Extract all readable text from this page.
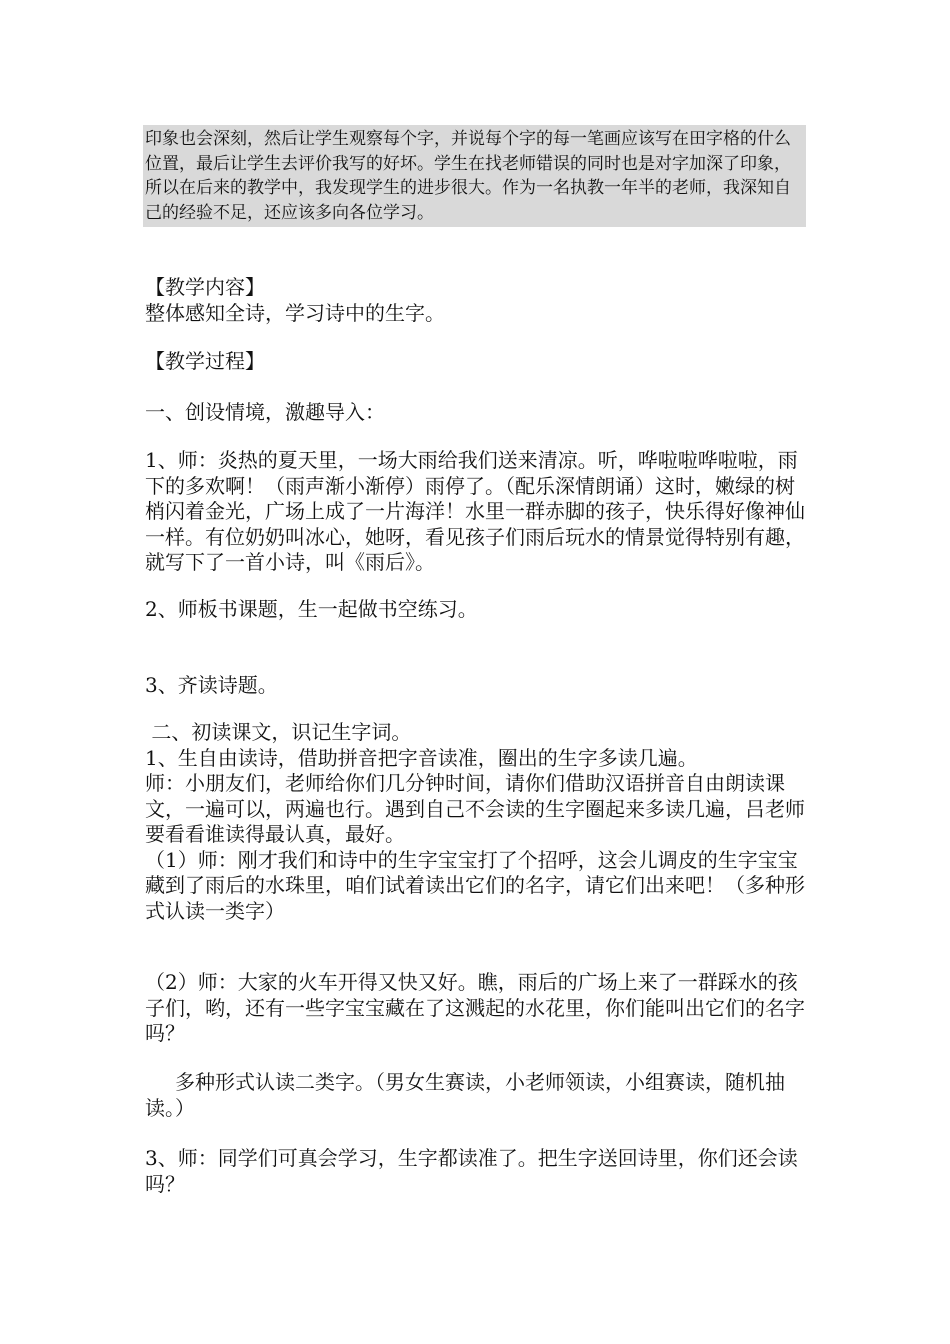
印象也会深刻，然后让学生观察每个字，并说每个字的每一笔画应该写在田字格的什么位置，最后让学生去评价我写的好坏。学生在找老师错误的同时也是对字加深了印象，所以在后来的教学中，我发现学生的进步很大。作为一名执教一年半的老师，我深知自己的经验不足，还应该多向各位学习。

【教学内容】

整体感知全诗，学习诗中的生字。

【教学过程】

一、创设情境，激趣导入：

1、师：炎热的夏天里，一场大雨给我们送来清凉。听，哗啦啦哗啦啦，雨下的多欢啊！（雨声渐小渐停）雨停了。（配乐深情朗诵）这时，嫩绿的树梢闪着金光，广场上成了一片海洋！水里一群赤脚的孩子，快乐得好像神仙一样。有位奶奶叫冰心，她呀，看见孩子们雨后玩水的情景觉得特别有趣，就写下了一首小诗，叫《雨后》。

2、师板书课题，生一起做书空练习。

3、齐读诗题。

二、初读课文，识记生字词。

1、生自由读诗，借助拼音把字音读准，圈出的生字多读几遍。

师：小朋友们，老师给你们几分钟时间，请你们借助汉语拼音自由朗读课文，一遍可以，两遍也行。遇到自己不会读的生字圈起来多读几遍，吕老师要看看谁读得最认真，最好。

（1）师：刚才我们和诗中的生字宝宝打了个招呼，这会儿调皮的生字宝宝藏到了雨后的水珠里，咱们试着读出它们的名字，请它们出来吧！（多种形式认读一类字）

（2）师：大家的火车开得又快又好。瞧，雨后的广场上来了一群踩水的孩子们，哟，还有一些字宝宝藏在了这溅起的水花里，你们能叫出它们的名字吗？

多种形式认读二类字。（男女生赛读，小老师领读，小组赛读，随机抽读。）

3、师：同学们可真会学习，生字都读准了。把生字送回诗里，你们还会读吗？
